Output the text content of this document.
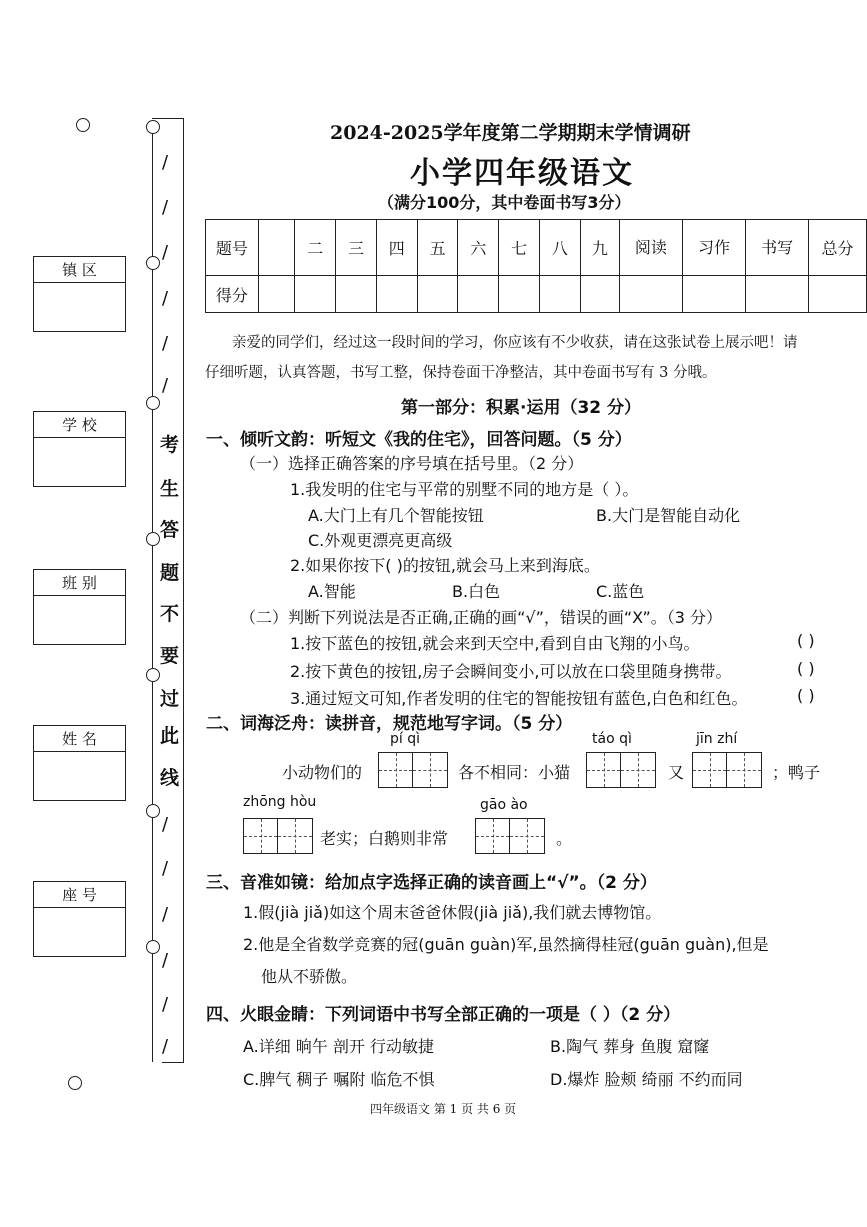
/
/
/
/
/
/
/
/
/
/
/
/
考
生
答
题
不
要
过
此
线
镇 区
学 校
班 别
姓 名
座 号
2024-2025学年度第二学期期末学情调研
小学四年级语文
（满分100分，其中卷面书写3分）
题号		二	三	四	五	六	七	八	九	阅读	习作	书写	总分
得分													
亲爱的同学们，经过这一段时间的学习，你应该有不少收获，请在这张试卷上展示吧！请
仔细听题，认真答题，书写工整，保持卷面干净整洁，其中卷面书写有 3 分哦。
第一部分：积累·运用（32 分）
一、倾听文韵：听短文《我的住宅》，回答问题。（5 分）
（一）选择正确答案的序号填在括号里。（2 分）
1.我发明的住宅与平常的别墅不同的地方是（ ）。
A.大门上有几个智能按钮	B.大门是智能自动化
C.外观更漂亮更高级
2.如果你按下( )的按钮,就会马上来到海底。
A.智能	B.白色	C.蓝色
（二）判断下列说法是否正确,正确的画“√”，错误的画“X”。（3 分）
1.按下蓝色的按钮,就会来到天空中,看到自由飞翔的小鸟。	( )
2.按下黄色的按钮,房子会瞬间变小,可以放在口袋里随身携带。	( )
3.通过短文可知,作者发明的住宅的智能按钮有蓝色,白色和红色。	( )
二、词海泛舟：读拼音，规范地写字词。（5 分）
pí qì	táo qì	jīn zhí
小动物们的	各不相同：小猫	又	；鸭子
zhōng hòu	gāo ào
老实；白鹅则非常	。
三、音准如镜：给加点字选择正确的读音画上“√”。（2 分）
1.假(jià jiǎ)如这个周末爸爸休假(jià jiǎ),我们就去博物馆。
2.他是全省数学竞赛的冠(guān guàn)军,虽然摘得桂冠(guān guàn),但是
他从不骄傲。
四、火眼金睛：下列词语中书写全部正确的一项是（ ）（2 分）
A.详细 晌午 剖开 行动敏捷	B.陶气 葬身 鱼腹 窟窿
C.脾气 稠子 嘱附 临危不惧	D.爆炸 脸颊 绮丽 不约而同
四年级语文 第 1 页 共 6 页
